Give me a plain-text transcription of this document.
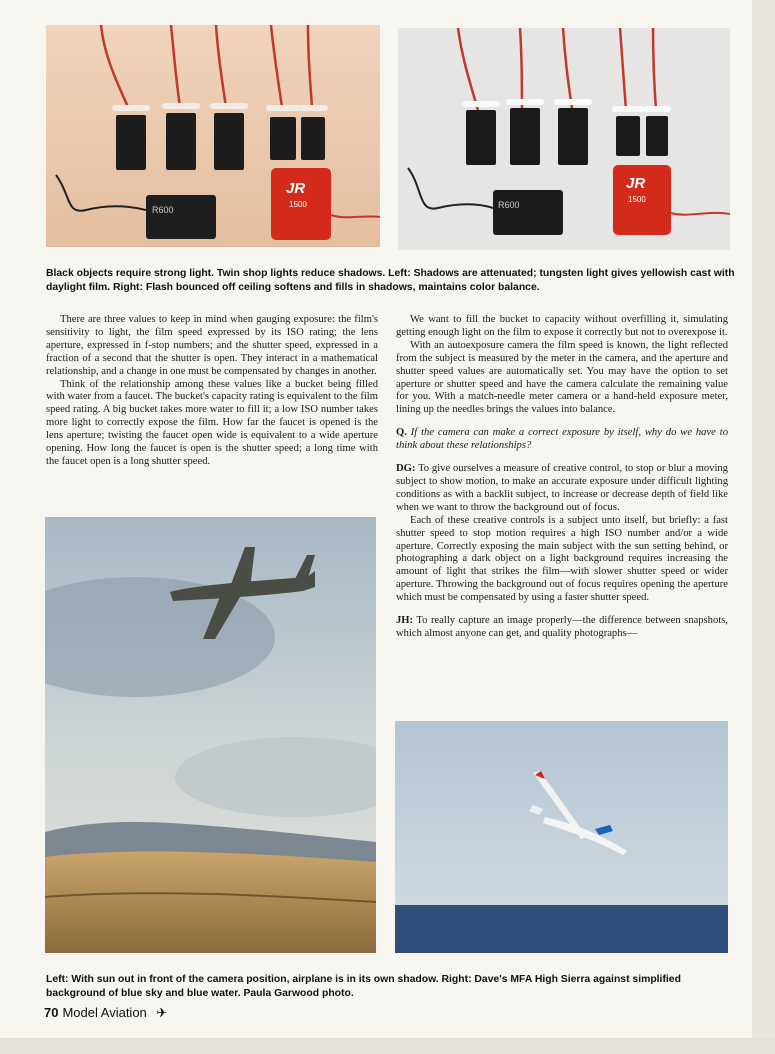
R600
JR
1500	R600
JR
1500
Black objects require strong light. Twin shop lights reduce shadows. Left: Shadows are attenuated; tungsten light gives yellowish cast with daylight film. Right: Flash bounced off ceiling softens and fills in shadows, maintains color balance.

There are three values to keep in mind when gauging exposure: the film's sensitivity to light, the film speed expressed by its ISO rating; the lens aperture, expressed in f-stop numbers; and the shutter speed, expressed in a fraction of a second that the shutter is open. They interact in a mathematical relationship, and a change in one must be compensated by changes in another.

Think of the relationship among these values like a bucket being filled with water from a faucet. The bucket's capacity rating is equivalent to the film speed rating. A big bucket takes more water to fill it; a low ISO number takes more light to correctly expose the film. How far the faucet is opened is the lens aperture; twisting the faucet open wide is equivalent to a wide aperture opening. How long the faucet is open is the shutter speed; a long time with the faucet open is a long shutter speed.

We want to fill the bucket to capacity without overfilling it, simulating getting enough light on the film to expose it correctly but not to overexpose it.

With an autoexposure camera the film speed is known, the light reflected from the subject is measured by the meter in the camera, and the aperture and shutter speed values are automatically set. You may have the option to set aperture or shutter speed and have the camera calculate the remaining value for you. With a match-needle meter camera or a hand-held exposure meter, lining up the needles brings the values into balance.

Q. If the camera can make a correct exposure by itself, why do we have to think about these relationships?

DG: To give ourselves a measure of creative control, to stop or blur a moving subject to show motion, to make an accurate exposure under difficult lighting conditions as with a backlit subject, to increase or decrease depth of field like when we want to throw the background out of focus.

Each of these creative controls is a subject unto itself, but briefly: a fast shutter speed to stop motion requires a high ISO number and/or a wide aperture. Correctly exposing the main subject with the sun setting behind, or photographing a dark object on a light background requires increasing the amount of light that strikes the film—with slower shutter speed or wider aperture. Throwing the background out of focus requires opening the aperture which must be compensated by using a faster shutter speed.

JH: To really capture an image properly—the difference between snapshots, which almost anyone can get, and quality photographs—

Left: With sun out in front of the camera position, airplane is in its own shadow. Right: Dave's MFA High Sierra against simplified background of blue sky and blue water. Paula Garwood photo.
70 Model Aviation ✈
